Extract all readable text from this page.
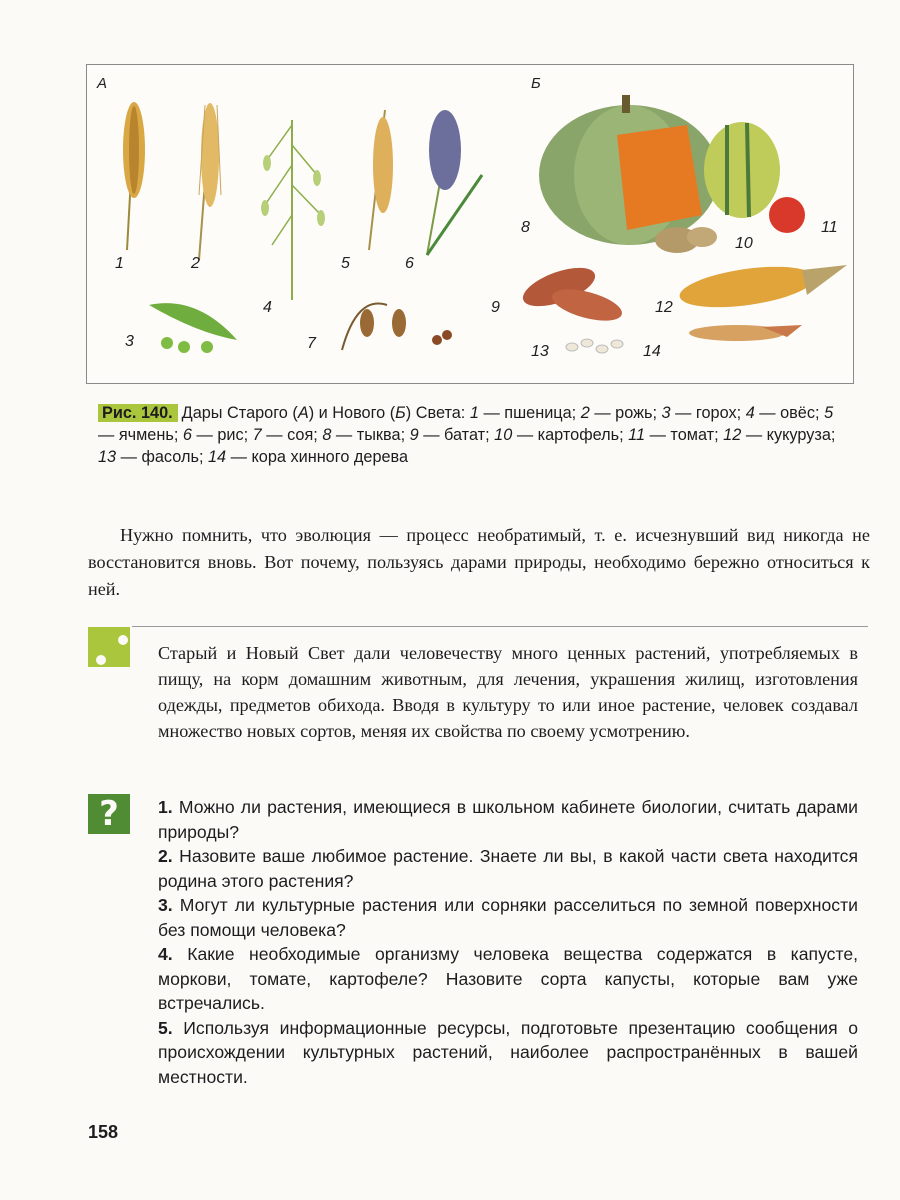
А	Б
1	2
3
4
5	6
7
8
9
10
11
12
13	14
Рис. 140. Дары Старого (А) и Нового (Б) Света: 1 — пшеница; 2 — рожь; 3 — горох; 4 — овёс; 5 — ячмень; 6 — рис; 7 — соя; 8 — тыква; 9 — батат; 10 — картофель; 11 — томат; 12 — кукуруза; 13 — фасоль; 14 — кора хинного дерева
Нужно помнить, что эволюция — процесс необратимый, т. е. исчезнувший вид никогда не восстановится вновь. Вот почему, пользуясь дарами природы, необходимо бережно относиться к ней.
Старый и Новый Свет дали человечеству много ценных растений, употребляемых в пищу, на корм домашним животным, для лечения, украшения жилищ, изготовления одежды, предметов обихода. Вводя в культуру то или иное растение, человек создавал множество новых сортов, меняя их свойства по своему усмотрению.
? 1. Можно ли растения, имеющиеся в школьном кабинете биологии, считать дарами природы?

2. Назовите ваше любимое растение. Знаете ли вы, в какой части света находится родина этого растения?

3. Могут ли культурные растения или сорняки расселиться по земной поверхности без помощи человека?

4. Какие необходимые организму человека вещества содержатся в капусте, моркови, томате, картофеле? Назовите сорта капусты, которые вам уже встречались.

5. Используя информационные ресурсы, подготовьте презентацию сообщения о происхождении культурных растений, наиболее распространённых в вашей местности.

158
